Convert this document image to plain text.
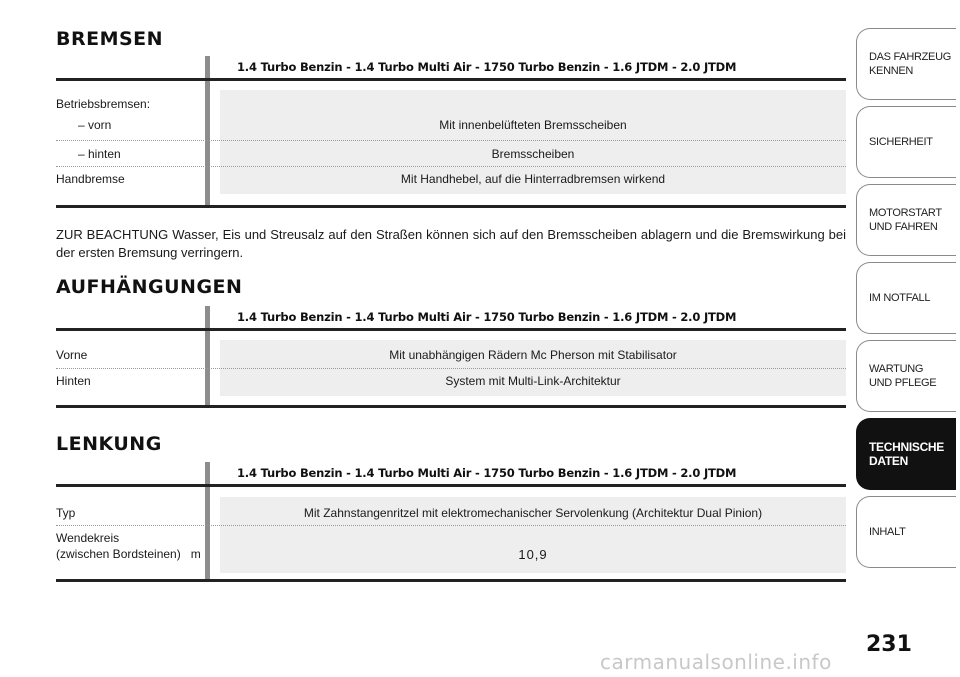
BREMSEN
1.4 Turbo Benzin - 1.4 Turbo Multi Air - 1750 Turbo Benzin - 1.6 JTDM - 2.0 JTDM
Betriebsbremsen:
– vorn	Mit innenbelüfteten Bremsscheiben
– hinten	Bremsscheiben
Handbremse	Mit Handhebel, auf die Hinterradbremsen wirkend
ZUR BEACHTUNG Wasser, Eis und Streusalz auf den Straßen können sich auf den Bremsscheiben ablagern und die Bremswirkung bei der ersten Bremsung verringern.
AUFHÄNGUNGEN
1.4 Turbo Benzin - 1.4 Turbo Multi Air - 1750 Turbo Benzin - 1.6 JTDM - 2.0 JTDM
Vorne	Mit unabhängigen Rädern Mc Pherson mit Stabilisator
Hinten	System mit Multi-Link-Architektur
LENKUNG
1.4 Turbo Benzin - 1.4 Turbo Multi Air - 1750 Turbo Benzin - 1.6 JTDM - 2.0 JTDM
Typ	Mit Zahnstangenritzel mit elektromechanischer Servolenkung (Architektur Dual Pinion)
Wendekreis
(zwischen Bordsteinen)   m	10,9
DAS FAHRZEUG
KENNEN
SICHERHEIT
MOTORSTART
UND FAHREN
IM NOTFALL
WARTUNG
UND PFLEGE
TECHNISCHE
DATEN
INHALT
231
carmanualsonline.info
